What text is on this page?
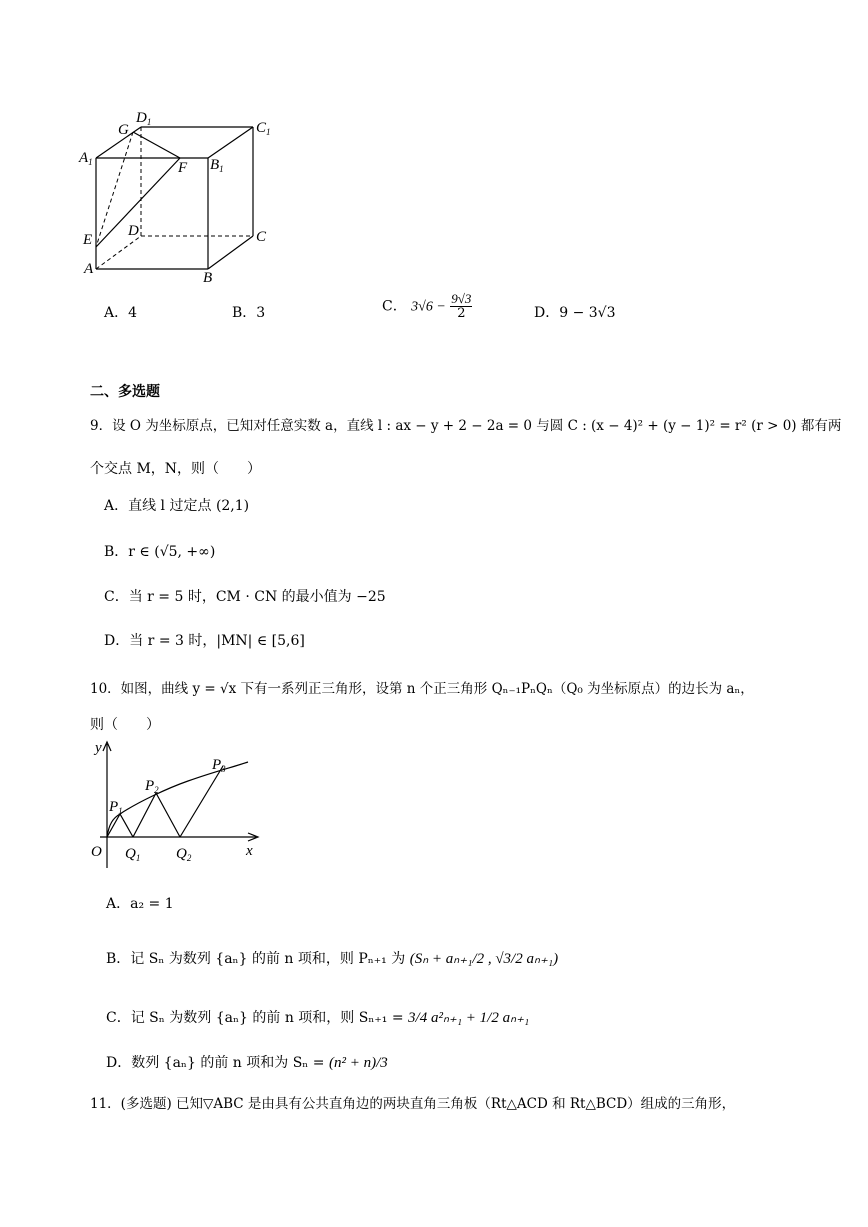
G
$D_1$	$C_1$
$A_1$	$B_1$
F
D	C
E
A
B
A．4	B．3	C． $3√6 - \frac{9√3}{2}$	D．9 − 3√3
二、多选题
9．设 O 为坐标原点，已知对任意实数 a，直线 l : ax − y + 2 − 2a = 0 与圆 C : (x − 4)² + (y − 1)² = r² (r > 0) 都有两
个交点 M，N，则（　　）
A．直线 l 过定点 (2,1)
B．r ∈ (√5, +∞)
C．当 r = 5 时，CM · CN 的最小值为 −25
D．当 r = 3 时，|MN| ∈ [5,6]
10．如图，曲线 y = √x 下有一系列正三角形，设第 n 个正三角形 Qₙ₋₁PₙQₙ（Q₀ 为坐标原点）的边长为 aₙ，
则（　　）
y
x
O
$P_1$
$P_2$
$P_3$
$Q_1$ $Q_2$
A．a₂ = 1
B．记 Sₙ 为数列 {aₙ} 的前 n 项和，则 Pₙ₊₁ 为 (Sₙ + aₙ₊₁/2 , √3/2 aₙ₊₁)
C．记 Sₙ 为数列 {aₙ} 的前 n 项和，则 Sₙ₊₁ = 3/4 a²ₙ₊₁ + 1/2 aₙ₊₁
D．数列 {aₙ} 的前 n 项和为 Sₙ = (n² + n)/3
11．(多选题) 已知▽ABC 是由具有公共直角边的两块直角三角板（Rt△ACD 和 Rt△BCD）组成的三角形，
